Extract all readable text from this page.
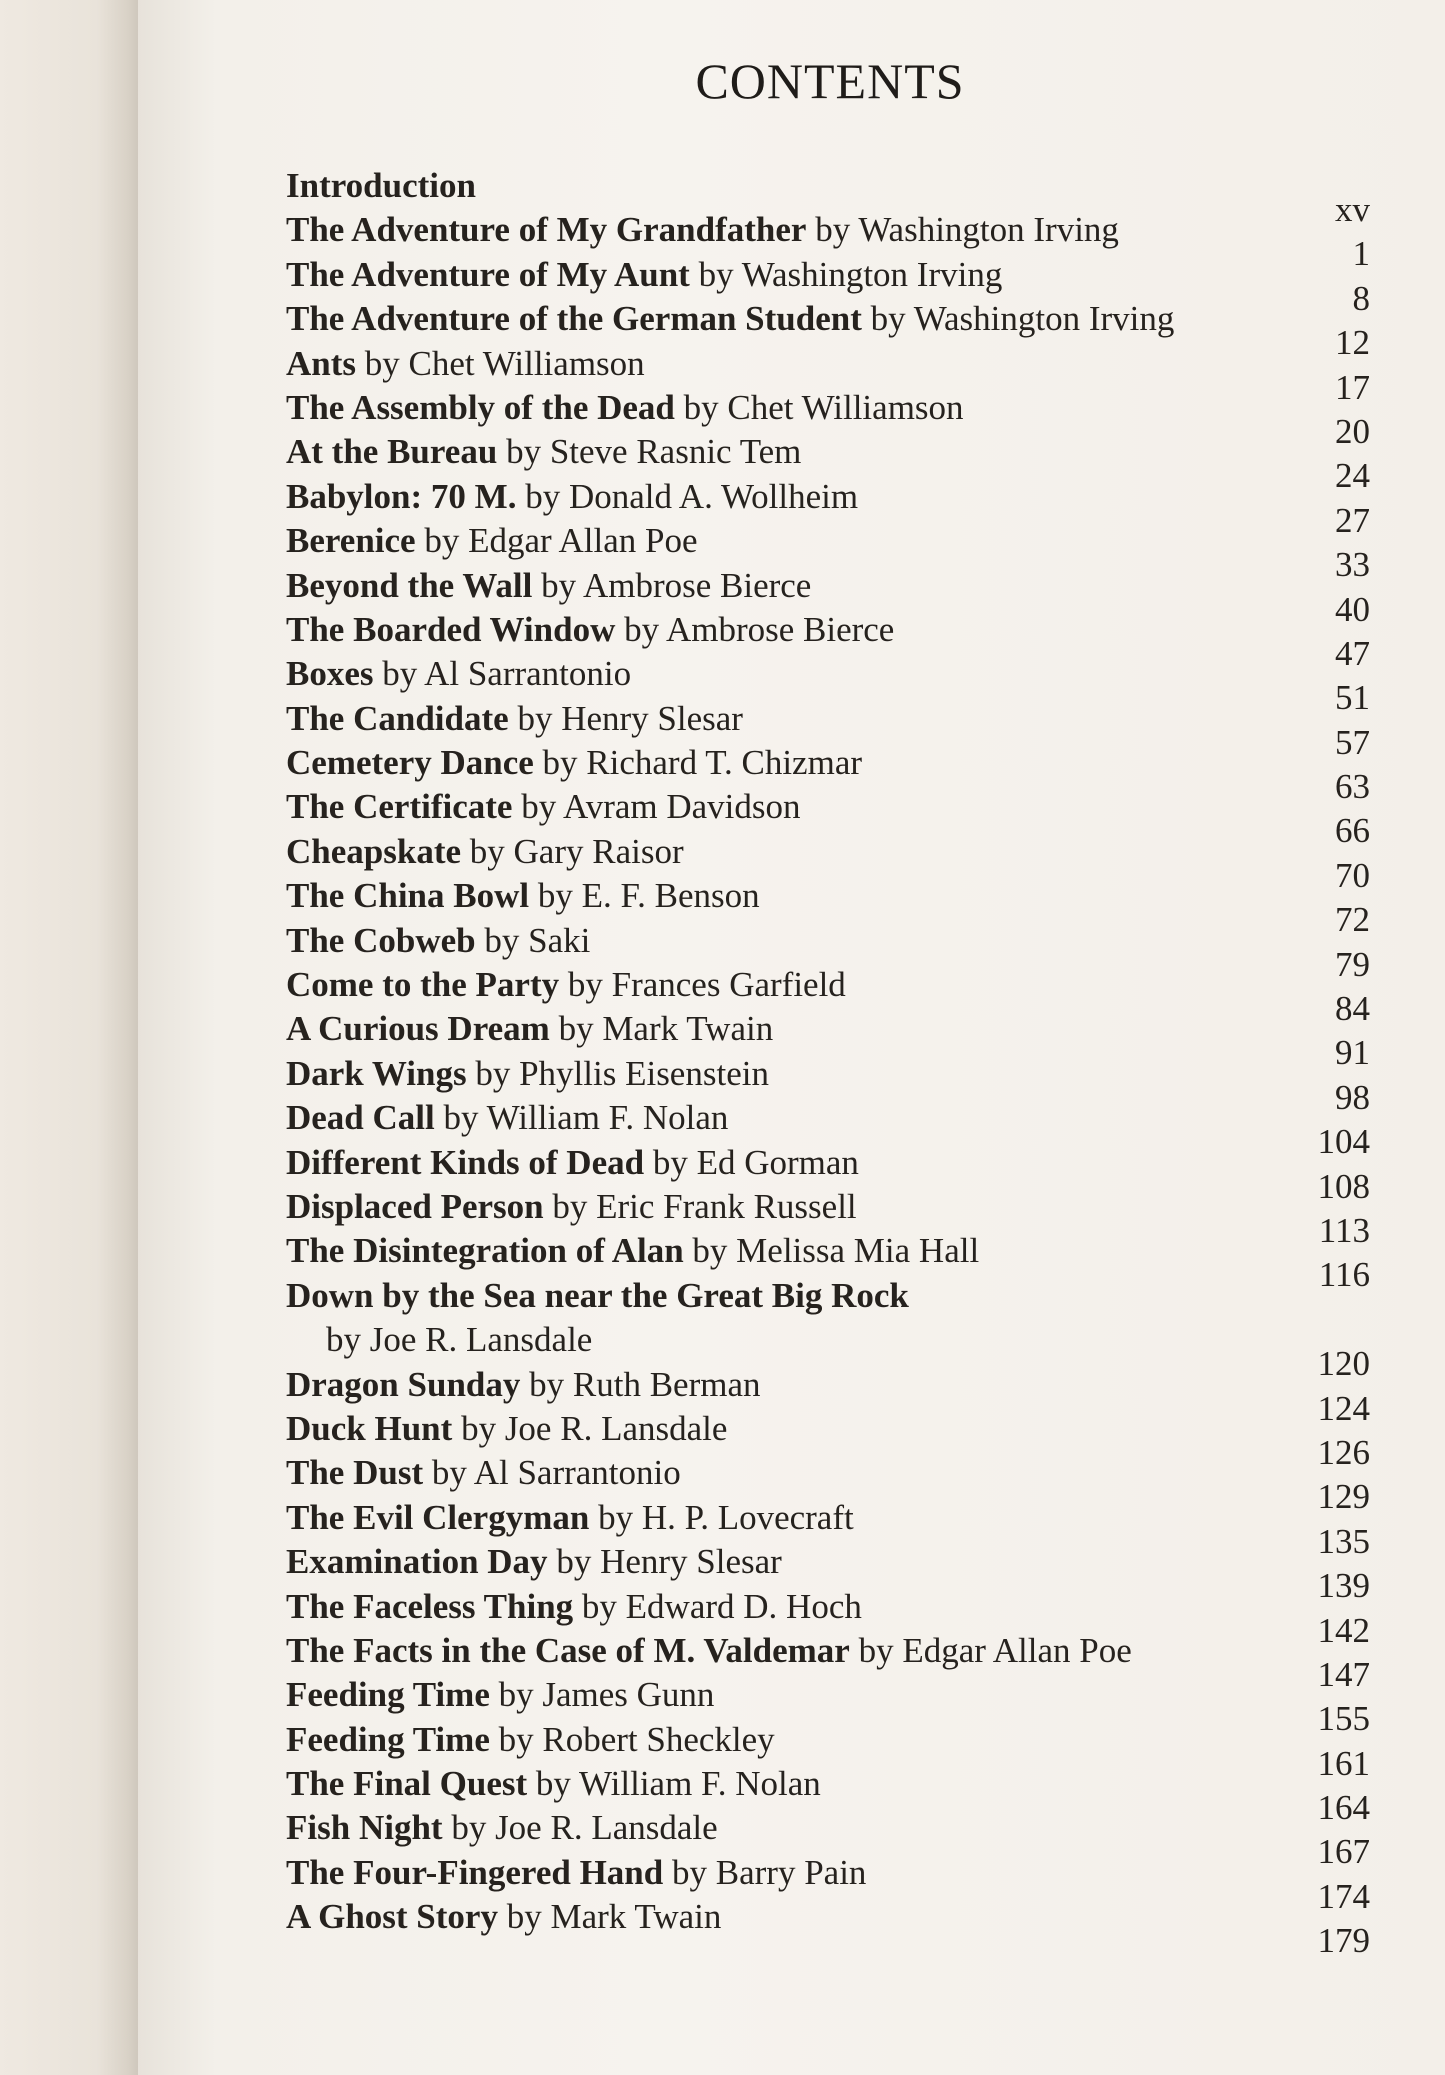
CONTENTS
Introduction
xv
The Adventure of My Grandfather by Washington Irving
1
The Adventure of My Aunt by Washington Irving
8
The Adventure of the German Student by Washington Irving
12
Ants by Chet Williamson
17
The Assembly of the Dead by Chet Williamson
20
At the Bureau by Steve Rasnic Tem
24
Babylon: 70 M. by Donald A. Wollheim
27
Berenice by Edgar Allan Poe
33
Beyond the Wall by Ambrose Bierce
40
The Boarded Window by Ambrose Bierce
47
Boxes by Al Sarrantonio
51
The Candidate by Henry Slesar
57
Cemetery Dance by Richard T. Chizmar
63
The Certificate by Avram Davidson
66
Cheapskate by Gary Raisor
70
The China Bowl by E. F. Benson
72
The Cobweb by Saki
79
Come to the Party by Frances Garfield
84
A Curious Dream by Mark Twain
91
Dark Wings by Phyllis Eisenstein
98
Dead Call by William F. Nolan
104
Different Kinds of Dead by Ed Gorman
108
Displaced Person by Eric Frank Russell
113
The Disintegration of Alan by Melissa Mia Hall
116
Down by the Sea near the Great Big Rock
by Joe R. Lansdale
120
Dragon Sunday by Ruth Berman
124
Duck Hunt by Joe R. Lansdale
126
The Dust by Al Sarrantonio
129
The Evil Clergyman by H. P. Lovecraft
135
Examination Day by Henry Slesar
139
The Faceless Thing by Edward D. Hoch
142
The Facts in the Case of M. Valdemar by Edgar Allan Poe
147
Feeding Time by James Gunn
155
Feeding Time by Robert Sheckley
161
The Final Quest by William F. Nolan
164
Fish Night by Joe R. Lansdale
167
The Four-Fingered Hand by Barry Pain
174
A Ghost Story by Mark Twain
179
